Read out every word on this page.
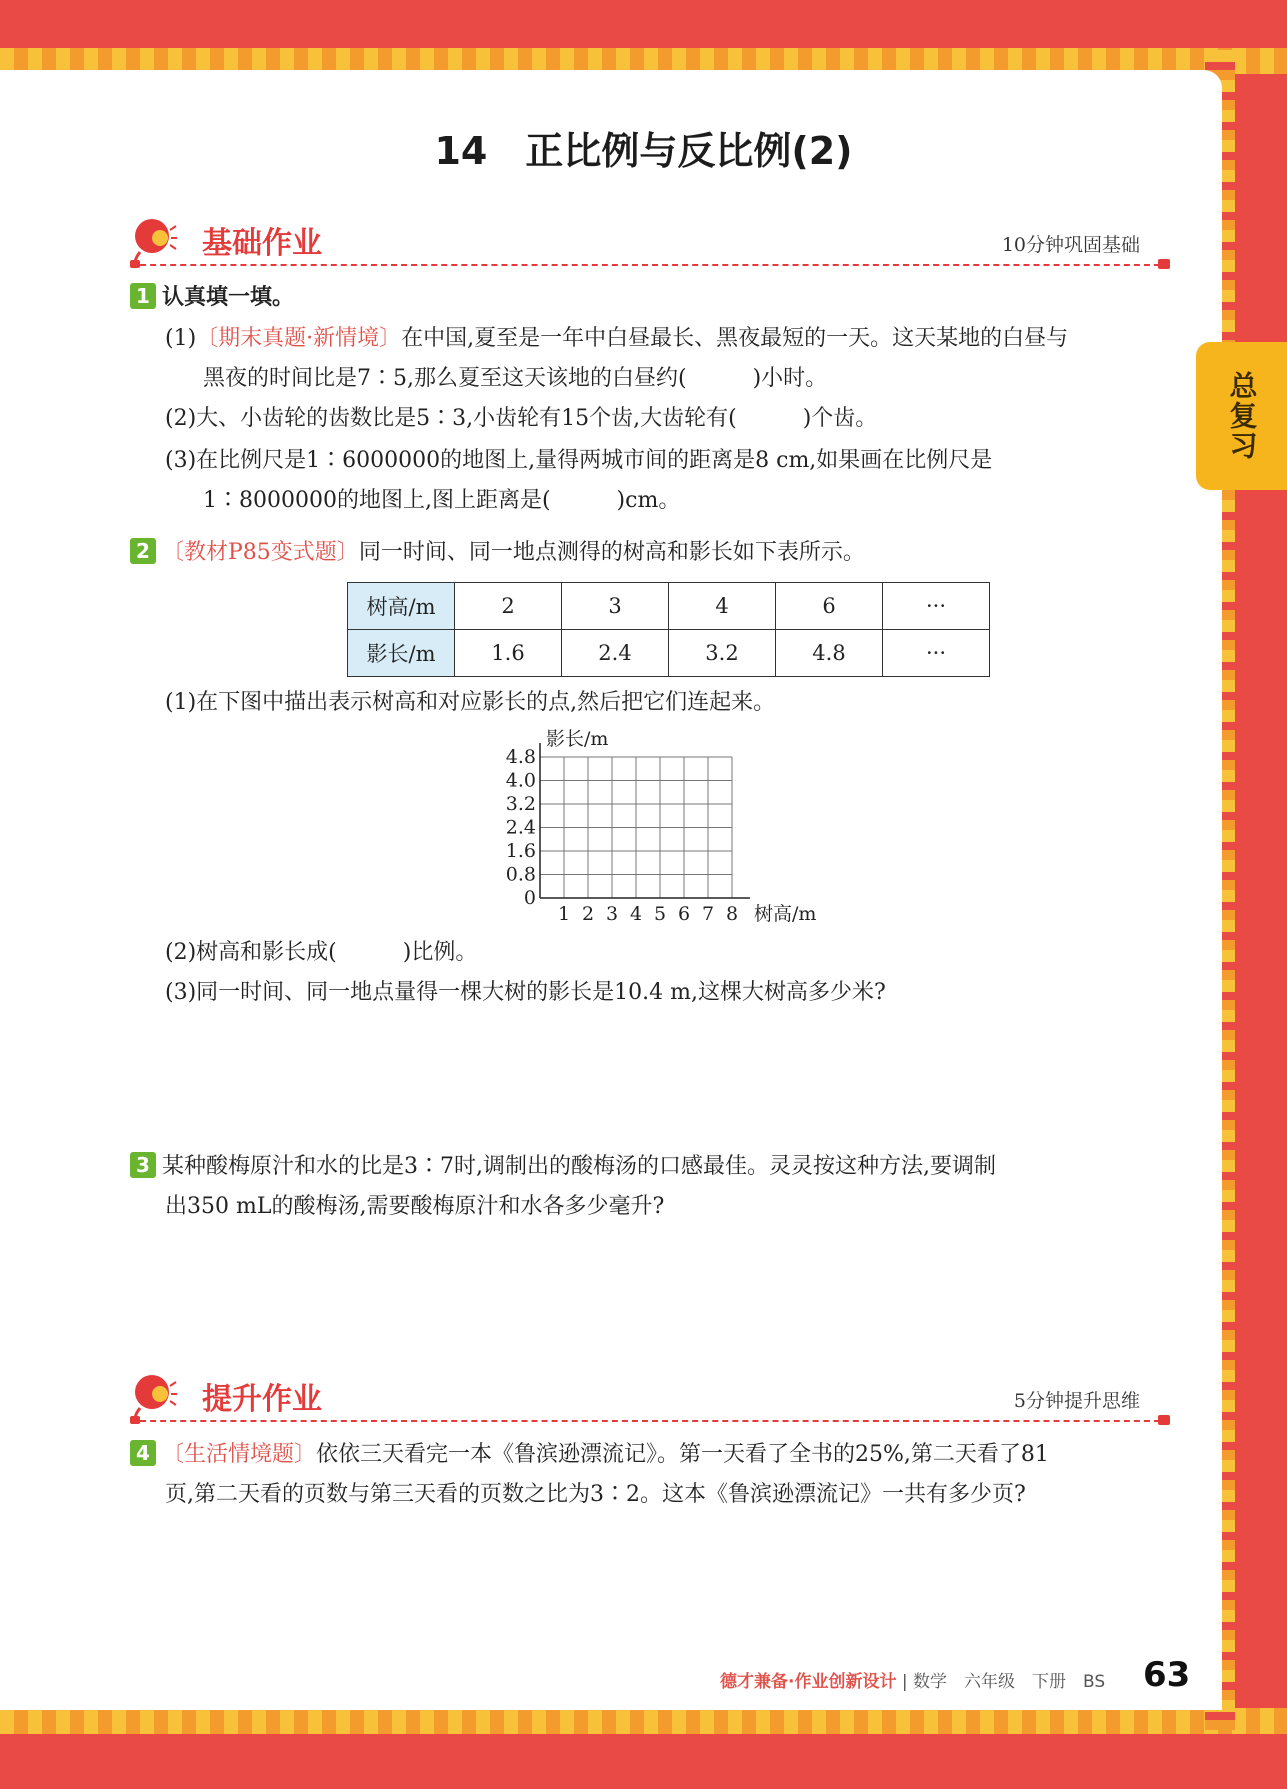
总复习
14　正比例与反比例(2)
基础作业	10分钟巩固基础
1 认真填一填。
(1)〔期末真题·新情境〕在中国,夏至是一年中白昼最长、黑夜最短的一天。这天某地的白昼与
黑夜的时间比是7∶5,那么夏至这天该地的白昼约(　　　)小时。
(2)大、小齿轮的齿数比是5∶3,小齿轮有15个齿,大齿轮有(　　　)个齿。
(3)在比例尺是1∶6000000的地图上,量得两城市间的距离是8 cm,如果画在比例尺是
1∶8000000的地图上,图上距离是(　　　)cm。
2 〔教材P85变式题〕同一时间、同一地点测得的树高和影长如下表所示。
树高/m	2	3	4	6	···
影长/m	1.6	2.4	3.2	4.8	···
(1)在下图中描出表示树高和对应影长的点,然后把它们连起来。
0
0.8
1.6
2.4
3.2
4.0
4.8
1 2 3 4 5 6 7 8
影长/m
树高/m
(2)树高和影长成(　　　)比例。
(3)同一时间、同一地点量得一棵大树的影长是10.4 m,这棵大树高多少米?
3 某种酸梅原汁和水的比是3∶7时,调制出的酸梅汤的口感最佳。灵灵按这种方法,要调制
出350 mL的酸梅汤,需要酸梅原汁和水各多少毫升?
提升作业	5分钟提升思维
4 〔生活情境题〕依依三天看完一本《鲁滨逊漂流记》。第一天看了全书的25%,第二天看了81
页,第二天看的页数与第三天看的页数之比为3∶2。这本《鲁滨逊漂流记》一共有多少页?
德才兼备·作业创新设计 | 数学　六年级　下册　BS 63
